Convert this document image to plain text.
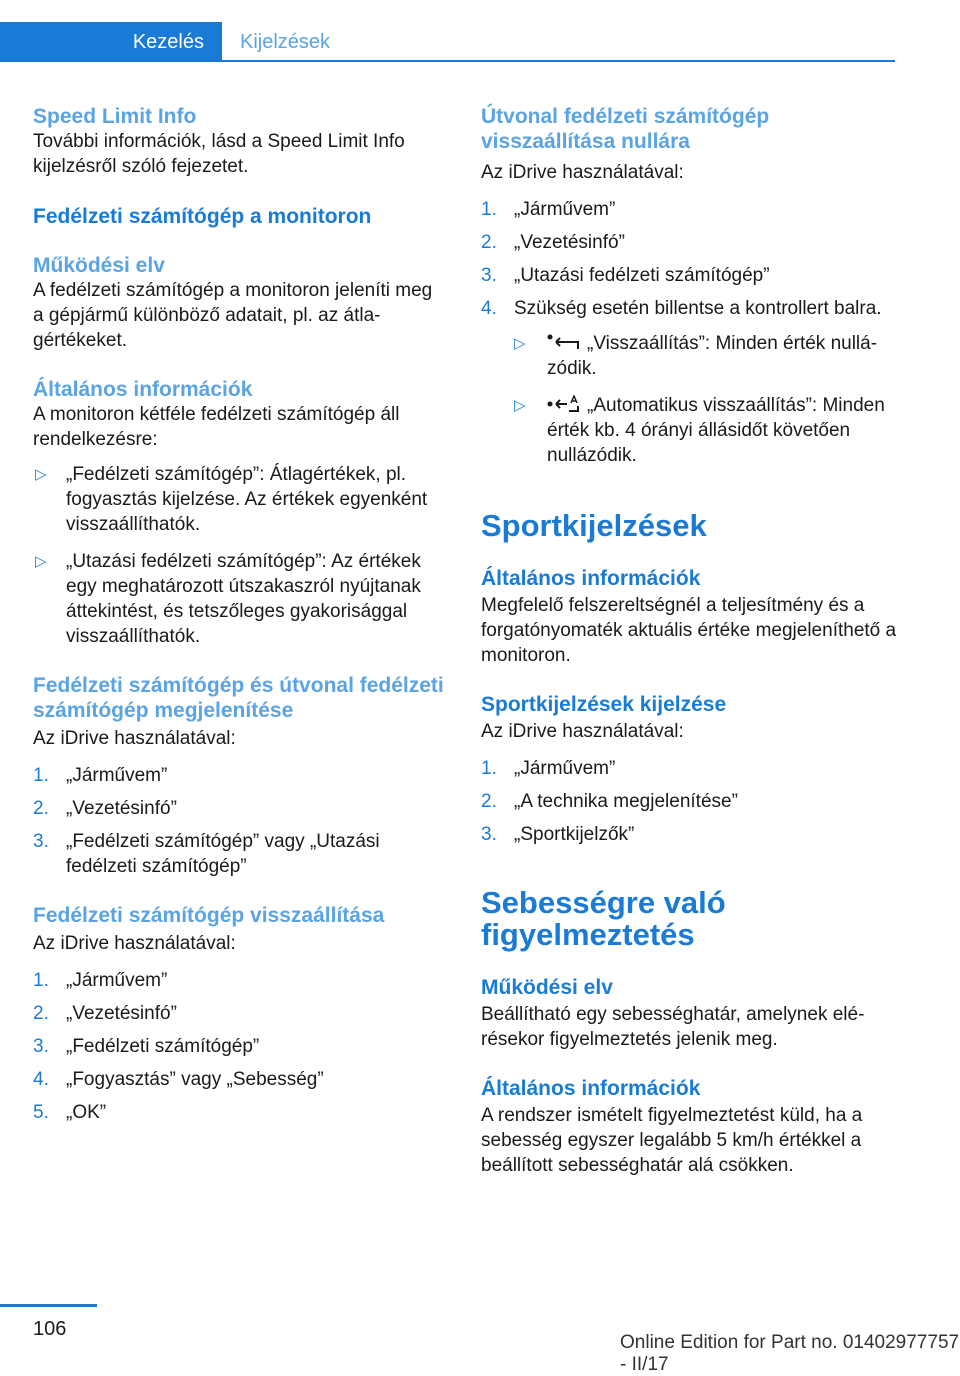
Kezelés	Kijelzések
Speed Limit Info

További információk, lásd a Speed Limit Info kijelzésről szóló fejezetet.

Fedélzeti számítógép a monitoron
Működési elv

A fedélzeti számítógép a monitoron jeleníti meg a gépjármű különböző adatait, pl. az átlagértékeket.

Általános információk

A monitoron kétféle fedélzeti számítógép áll rendelkezésre:

▷ „Fedélzeti számítógép”: Átlagértékek, pl. fogyasztás kijelzése. Az értékek egyenként visszaállíthatók.
▷ „Utazási fedélzeti számítógép”: Az értékek egy meghatározott útszakaszról nyújtanak áttekintést, és tetszőleges gyakorisággal visszaállíthatók.
Fedélzeti számítógép és útvonal fedélzeti számítógép megjelenítése

Az iDrive használatával:

1. „Járművem”
2. „Vezetésinfó”
3. „Fedélzeti számítógép” vagy „Utazási fedélzeti számítógép”
Fedélzeti számítógép visszaállítása

Az iDrive használatával:

1. „Járművem”
2. „Vezetésinfó”
3. „Fedélzeti számítógép”
4. „Fogyasztás” vagy „Sebesség”
5. „OK”
Útvonal fedélzeti számítógép visszaállítása nullára

Az iDrive használatával:

1. „Járművem”
2. „Vezetésinfó”
3. „Utazási fedélzeti számítógép”
4. Szükség esetén billentse a kontrollert balra.
▷	„Visszaállítás”: Minden érték nullázódik.
▷	„Automatikus visszaállítás”: Minden érték kb. 4 órányi állásidőt követően nullázódik.
Sportkijelzések
Általános információk

Megfelelő felszereltségnél a teljesítmény és a forgatónyomaték aktuális értéke megjeleníthető a monitoron.

Sportkijelzések kijelzése

Az iDrive használatával:

1. „Járművem”
2. „A technika megjelenítése”
3. „Sportkijelzők”
Sebességre való figyelmeztetés
Működési elv

Beállítható egy sebességhatár, amelynek elérésekor figyelmeztetés jelenik meg.

Általános információk

A rendszer ismételt figyelmeztetést küld, ha a sebesség egyszer legalább 5 km/h értékkel a beállított sebességhatár alá csökken.

106
Online Edition for Part no. 01402977757 - II/17
